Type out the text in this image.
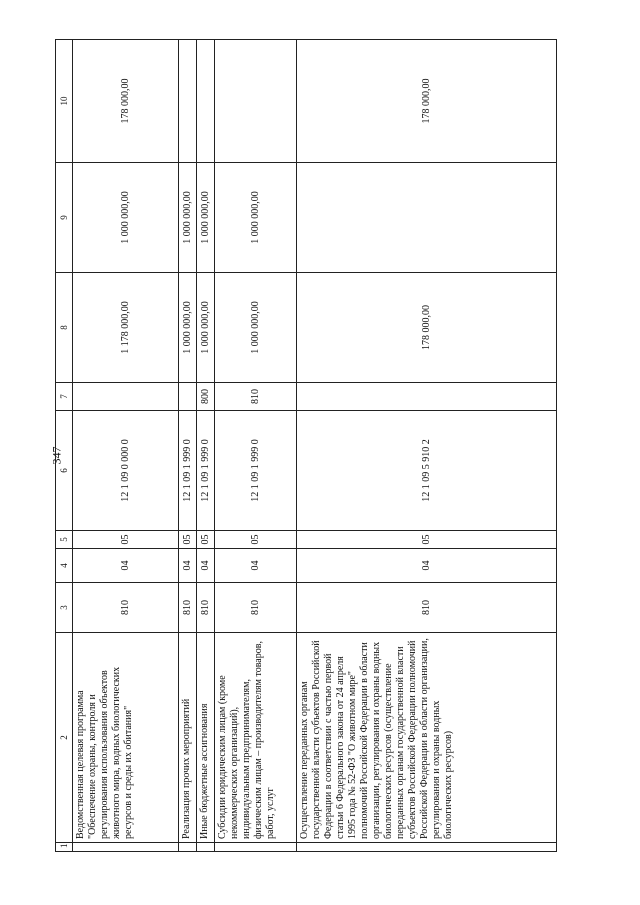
347
1	2	3	4	5	6	7	8	9	10
	Ведомственная целевая программа "Обеспечение охраны, контроля и регулирования использования объектов животного мира, водных биологических ресурсов и среды их обитания"	810	04	05	12 1 09 0 000 0		1 178 000,00	1 000 000,00	178 000,00
	Реализация прочих мероприятий	810	04	05	12 1 09 1 999 0		1 000 000,00	1 000 000,00	
	Иные бюджетные ассигнования	810	04	05	12 1 09 1 999 0	800	1 000 000,00	1 000 000,00	
	Субсидии юридическим лицам (кроме некоммерческих организаций), индивидуальным предпринимателям, физическим лицам – производителям товаров, работ, услуг	810	04	05	12 1 09 1 999 0	810	1 000 000,00	1 000 000,00	
	Осуществление переданных органам государственной власти субъектов Российской Федерации в соответствии с частью первой статьи 6 Федерального закона от 24 апреля 1995 года № 52-ФЗ "О животном мире" полномочий Российской Федерации в области организации, регулирования и охраны водных биологических ресурсов (осуществление переданных органам государственной власти субъектов Российской Федерации полномочий Российской Федерации в области организации, регулирования и охраны водных биологических ресурсов)	810	04	05	12 1 09 5 910 2		178 000,00		178 000,00
